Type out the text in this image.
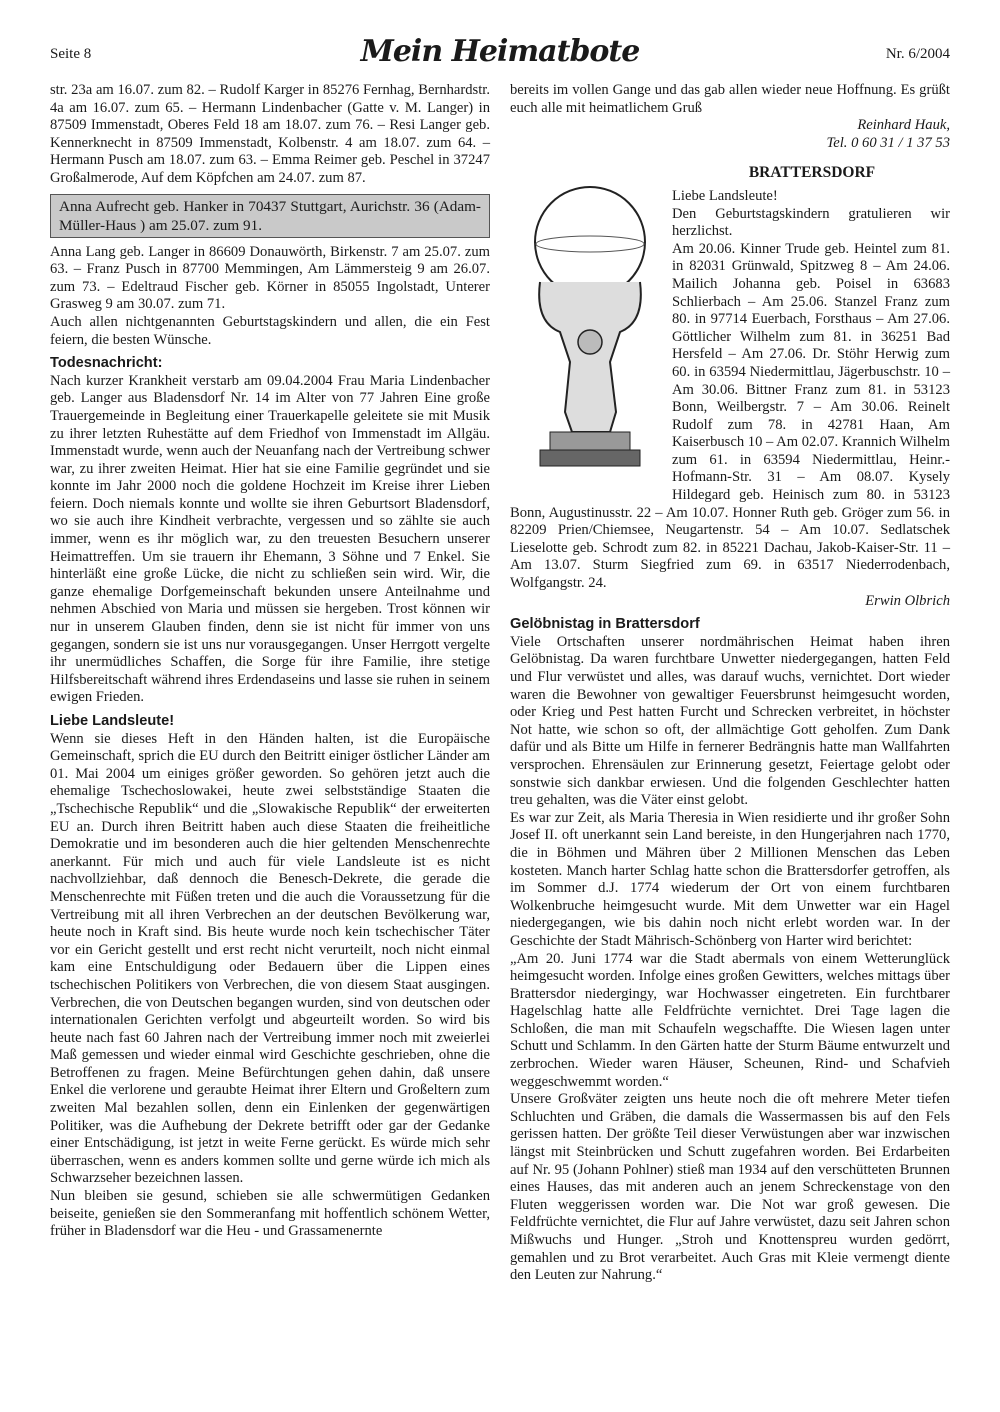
Seite 8	Mein Heimatbote	Nr. 6/2004

str. 23a am 16.07. zum 82. – Rudolf Karger in 85276 Fernhag, Bernhardstr. 4a am 16.07. zum 65. – Hermann Lindenbacher (Gatte v. M. Langer) in 87509 Immenstadt, Oberes Feld 18 am 18.07. zum 76. – Resi Langer geb. Kennerknecht in 87509 Immenstadt, Kolbenstr. 4 am 18.07. zum 64. – Hermann Pusch am 18.07. zum 63. – Emma Reimer geb. Peschel in 37247 Großalmerode, Auf dem Köpfchen am 24.07. zum 87.

Anna Aufrecht geb. Hanker in 70437 Stuttgart, Aurichstr. 36 (Adam-Müller-Haus ) am 25.07. zum 91.

Anna Lang geb. Langer in 86609 Donauwörth, Birkenstr. 7 am 25.07. zum 63. – Franz Pusch in 87700 Memmingen, Am Lämmersteig 9 am 26.07. zum 73. – Edeltraud Fischer geb. Körner in 85055 Ingolstadt, Unterer Grasweg 9 am 30.07. zum 71.

Auch allen nichtgenannten Geburtstagskindern und allen, die ein Fest feiern, die besten Wünsche.

Todesnachricht:

Nach kurzer Krankheit verstarb am 09.04.2004 Frau Maria Lindenbacher geb. Langer aus Bladensdorf Nr. 14 im Alter von 77 Jahren Eine große Trauergemeinde in Begleitung einer Trauerkapelle geleitete sie mit Musik zu ihrer letzten Ruhestätte auf dem Friedhof von Immenstadt im Allgäu. Immenstadt wurde, wenn auch der Neuanfang nach der Vertreibung schwer war, zu ihrer zweiten Heimat. Hier hat sie eine Familie gegründet und sie konnte im Jahr 2000 noch die goldene Hochzeit im Kreise ihrer Lieben feiern. Doch niemals konnte und wollte sie ihren Geburtsort Bladensdorf, wo sie auch ihre Kindheit verbrachte, vergessen und so zählte sie auch immer, wenn es ihr möglich war, zu den treuesten Besuchern unserer Heimattreffen. Um sie trauern ihr Ehemann, 3 Söhne und 7 Enkel. Sie hinterläßt eine große Lücke, die nicht zu schließen sein wird. Wir, die ganze ehemalige Dorfgemeinschaft bekunden unsere Anteilnahme und nehmen Abschied von Maria und müssen sie hergeben. Trost können wir nur in unserem Glauben finden, denn sie ist nicht für immer von uns gegangen, sondern sie ist uns nur vorausgegangen. Unser Herrgott vergelte ihr unermüdliches Schaffen, die Sorge für ihre Familie, ihre stetige Hilfsbereitschaft während ihres Erdendaseins und lasse sie ruhen in seinem ewigen Frieden.

Liebe Landsleute!

Wenn sie dieses Heft in den Händen halten, ist die Europäische Gemeinschaft, sprich die EU durch den Beitritt einiger östlicher Länder am 01. Mai 2004 um einiges größer geworden. So gehören jetzt auch die ehemalige Tschechoslowakei, heute zwei selbstständige Staaten die „Tschechische Republik“ und die „Slowakische Republik“ der erweiterten EU an. Durch ihren Beitritt haben auch diese Staaten die freiheitliche Demokratie und im besonderen auch die hier geltenden Menschenrechte anerkannt. Für mich und auch für viele Landsleute ist es nicht nachvollziehbar, daß dennoch die Benesch-Dekrete, die gerade die Menschenrechte mit Füßen treten und die auch die Voraussetzung für die Vertreibung mit all ihren Verbrechen an der deutschen Bevölkerung war, heute noch in Kraft sind. Bis heute wurde noch kein tschechischer Täter vor ein Gericht gestellt und erst recht nicht verurteilt, noch nicht einmal kam eine Entschuldigung oder Bedauern über die Lippen eines tschechischen Politikers von Verbrechen, die von diesem Staat ausgingen. Verbrechen, die von Deutschen begangen wurden, sind von deutschen oder internationalen Gerichten verfolgt und abgeurteilt worden. So wird bis heute nach fast 60 Jahren nach der Vertreibung immer noch mit zweierlei Maß gemessen und wieder einmal wird Geschichte geschrieben, ohne die Betroffenen zu fragen. Meine Befürchtungen gehen dahin, daß unsere Enkel die verlorene und geraubte Heimat ihrer Eltern und Großeltern zum zweiten Mal bezahlen sollen, denn ein Einlenken der gegenwärtigen Politiker, was die Aufhebung der Dekrete betrifft oder gar der Gedanke einer Entschädigung, ist jetzt in weite Ferne gerückt. Es würde mich sehr überraschen, wenn es anders kommen sollte und gerne würde ich mich als Schwarzseher bezeichnen lassen.

Nun bleiben sie gesund, schieben sie alle schwermütigen Gedanken beiseite, genießen sie den Sommeranfang mit hoffentlich schönem Wetter, früher in Bladensdorf war die Heu - und Grassamenernte

bereits im vollen Gange und das gab allen wieder neue Hoffnung. Es grüßt euch alle mit heimatlichem Gruß

Reinhard Hauk,

Tel. 0 60 31 / 1 37 53

BRATTERSDORF

Liebe Landsleute!

Den Geburtstagskindern gratulieren wir herzlichst.

Am 20.06. Kinner Trude geb. Heintel zum 81. in 82031 Grünwald, Spitzweg 8 – Am 24.06. Mailich Johanna geb. Poisel in 63683 Schlierbach – Am 25.06. Stanzel Franz zum 80. in 97714 Euerbach, Forsthaus – Am 27.06. Göttlicher Wilhelm zum 81. in 36251 Bad Hersfeld – Am 27.06. Dr. Stöhr Herwig zum 60. in 63594 Niedermittlau, Jägerbuschstr. 10 – Am 30.06. Bittner Franz zum 81. in 53123 Bonn, Weilbergstr. 7 – Am 30.06. Reinelt Rudolf zum 78. in 42781 Haan, Am Kaiserbusch 10 – Am 02.07. Krannich Wilhelm zum 61. in 63594 Niedermittlau, Heinr.-Hofmann-Str. 31 – Am 08.07. Kysely Hildegard geb. Heinisch zum 80. in 53123 Bonn, Augustinusstr. 22 – Am 10.07. Honner Ruth geb. Gröger zum 56. in 82209 Prien/Chiemsee, Neugartenstr. 54 – Am 10.07. Sedlatschek Lieselotte geb. Schrodt zum 82. in 85221 Dachau, Jakob-Kaiser-Str. 11 – Am 13.07. Sturm Siegfried zum 69. in 63517 Niederrodenbach, Wolfgangstr. 24.

Erwin Olbrich

Gelöbnistag in Brattersdorf

Viele Ortschaften unserer nordmährischen Heimat haben ihren Gelöbnistag. Da waren furchtbare Unwetter niedergegangen, hatten Feld und Flur verwüstet und alles, was darauf wuchs, vernichtet. Dort wieder waren die Bewohner von gewaltiger Feuersbrunst heimgesucht worden, oder Krieg und Pest hatten Furcht und Schrecken verbreitet, in höchster Not hatte, wie schon so oft, der allmächtige Gott geholfen. Zum Dank dafür und als Bitte um Hilfe in fernerer Bedrängnis hatte man Wallfahrten versprochen. Ehrensäulen zur Erinnerung gesetzt, Feiertage gelobt oder sonstwie sich dankbar erwiesen. Und die folgenden Geschlechter hatten treu gehalten, was die Väter einst gelobt.

Es war zur Zeit, als Maria Theresia in Wien residierte und ihr großer Sohn Josef II. oft unerkannt sein Land bereiste, in den Hungerjahren nach 1770, die in Böhmen und Mähren über 2 Millionen Menschen das Leben kosteten. Manch harter Schlag hatte schon die Brattersdorfer getroffen, als im Sommer d.J. 1774 wiederum der Ort von einem furchtbaren Wolkenbruche heimgesucht wurde. Mit dem Unwetter war ein Hagel niedergegangen, wie bis dahin noch nicht erlebt worden war. In der Geschichte der Stadt Mährisch-Schönberg von Harter wird berichtet:

„Am 20. Juni 1774 war die Stadt abermals von einem Wetterunglück heimgesucht worden. Infolge eines großen Gewitters, welches mittags über Brattersdor niedergingy, war Hochwasser eingetreten. Ein furchtbarer Hagelschlag hatte alle Feldfrüchte vernichtet. Drei Tage lagen die Schloßen, die man mit Schaufeln wegschaffte. Die Wiesen lagen unter Schutt und Schlamm. In den Gärten hatte der Sturm Bäume entwurzelt und zerbrochen. Wieder waren Häuser, Scheunen, Rind- und Schafvieh weggeschwemmt worden.“

Unsere Großväter zeigten uns heute noch die oft mehrere Meter tiefen Schluchten und Gräben, die damals die Wassermassen bis auf den Fels gerissen hatten. Der größte Teil dieser Verwüstungen aber war inzwischen längst mit Steinbrücken und Schutt zugefahren worden. Bei Erdarbeiten auf Nr. 95 (Johann Pohlner) stieß man 1934 auf den verschütteten Brunnen eines Hauses, das mit anderen auch an jenem Schreckenstage von den Fluten weggerissen worden war. Die Not war groß gewesen. Die Feldfrüchte vernichtet, die Flur auf Jahre verwüstet, dazu seit Jahren schon Mißwuchs und Hunger. „Stroh und Knottenspreu wurden gedörrt, gemahlen und zu Brot verarbeitet. Auch Gras mit Kleie vermengt diente den Leuten zur Nahrung.“
